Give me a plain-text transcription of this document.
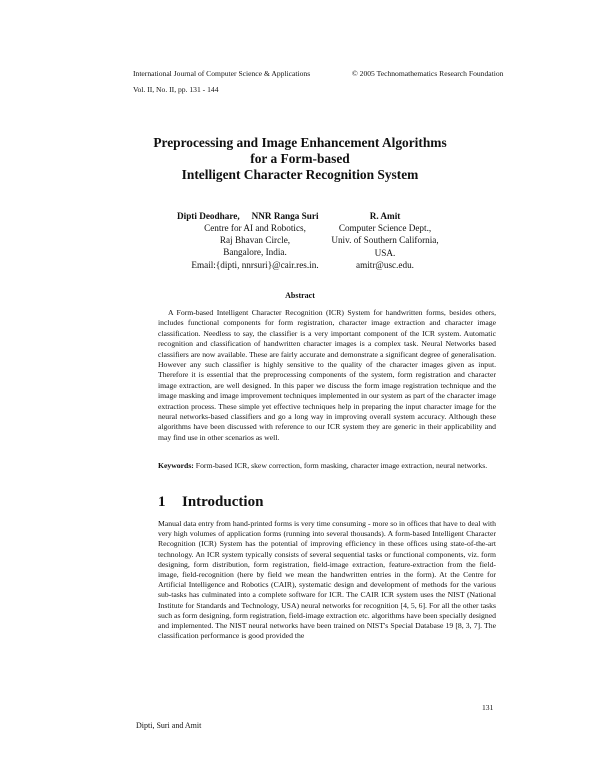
International Journal of Computer Science & Applications	© 2005 Technomathematics Research Foundation
Vol. II, No. II, pp. 131 - 144
Preprocessing and Image Enhancement Algorithms
for a Form-based
Intelligent Character Recognition System
Dipti Deodhare, NNR Ranga Suri
Centre for AI and Robotics,
Raj Bhavan Circle,
Bangalore, India.
Email:{dipti, nnrsuri}@cair.res.in.
R. Amit
Computer Science Dept.,
Univ. of Southern California,
USA.
amitr@usc.edu.
Abstract

A Form-based Intelligent Character Recognition (ICR) System for handwritten forms, besides others, includes functional components for form registration, character image extraction and character image classification. Needless to say, the classifier is a very important component of the ICR system. Automatic recognition and classification of handwritten character images is a complex task. Neural Networks based classifiers are now available. These are fairly accurate and demonstrate a significant degree of generalisation. However any such classifier is highly sensitive to the quality of the character images given as input. Therefore it is essential that the preprocessing components of the system, form registration and character image extraction, are well designed. In this paper we discuss the form image registration technique and the image masking and image improvement techniques implemented in our system as part of the character image extraction process. These simple yet effective techniques help in preparing the input character image for the neural networks-based classifiers and go a long way in improving overall system accuracy. Although these algorithms have been discussed with reference to our ICR system they are generic in their applicability and may find use in other scenarios as well.

Keywords: Form-based ICR, skew correction, form masking, character image extraction, neural networks.
1 Introduction

Manual data entry from hand-printed forms is very time consuming - more so in offices that have to deal with very high volumes of application forms (running into several thousands). A form-based Intelligent Character Recognition (ICR) System has the potential of improving efficiency in these offices using state-of-the-art technology. An ICR system typically consists of several sequential tasks or functional components, viz. form designing, form distribution, form registration, field-image extraction, feature-extraction from the field-image, field-recognition (here by field we mean the handwritten entries in the form). At the Centre for Artificial Intelligence and Robotics (CAIR), systematic design and development of methods for the various sub-tasks has culminated into a complete software for ICR. The CAIR ICR system uses the NIST (National Institute for Standards and Technology, USA) neural networks for recognition [4, 5, 6]. For all the other tasks such as form designing, form registration, field-image extraction etc. algorithms have been specially designed and implemented. The NIST neural networks have been trained on NIST's Special Database 19 [8, 3, 7]. The classification performance is good provided the

131
Dipti, Suri and Amit
